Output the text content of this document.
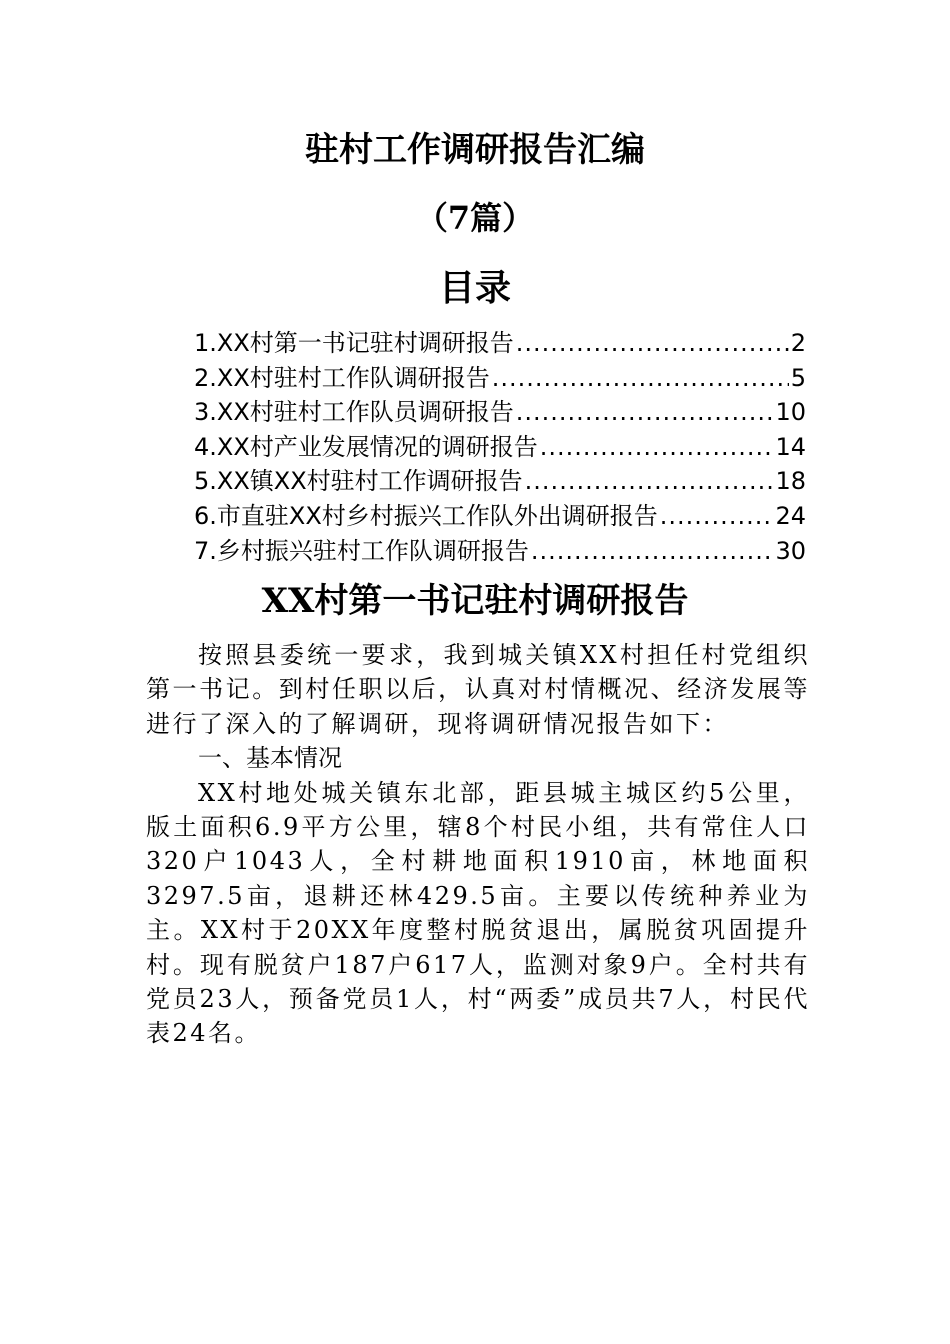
驻村工作调研报告汇编
（7篇）
目录
1.XX村第一书记驻村调研报告 .....	2
2.XX村驻村工作队调研报告 .....	5
3.XX村驻村工作队员调研报告 .....	10
4.XX村产业发展情况的调研报告 .....	14
5.XX镇XX村驻村工作调研报告 .....	18
6.市直驻XX村乡村振兴工作队外出调研报告 .....	24
7.乡村振兴驻村工作队调研报告 .....	30
XX村第一书记驻村调研报告

按照县委统一要求，我到城关镇XX村担任村党组织第一书记。到村任职以后，认真对村情概况、经济发展等进行了深入的了解调研，现将调研情况报告如下：

一、基本情况

XX村地处城关镇东北部，距县城主城区约5公里，版土面积6.9平方公里，辖8个村民小组，共有常住人口320户1043人，全村耕地面积1910亩，林地面积3297.5亩，退耕还林429.5亩。主要以传统种养业为主。XX村于20XX年度整村脱贫退出，属脱贫巩固提升村。现有脱贫户187户617人，监测对象9户。全村共有党员23人，预备党员1人，村“两委”成员共7人，村民代表24名。
